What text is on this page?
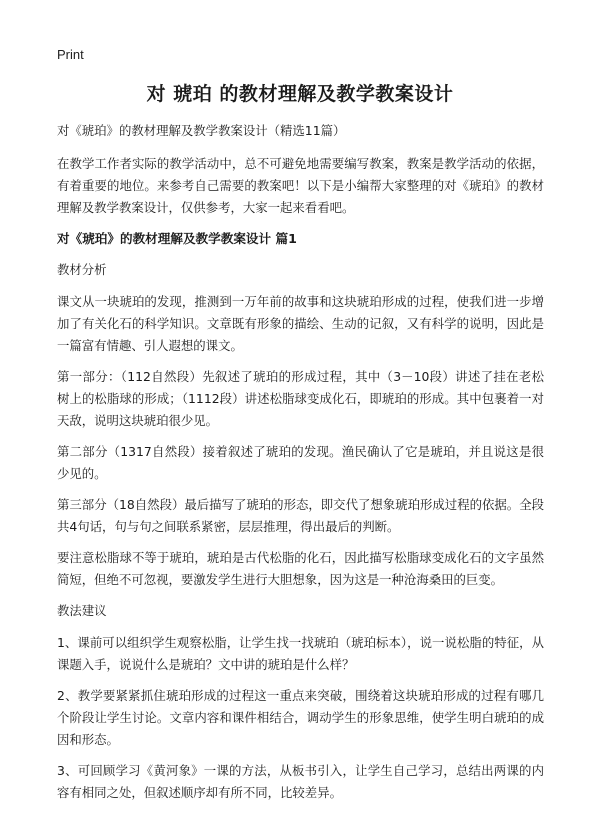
Print
对 琥珀 的教材理解及教学教案设计

对《琥珀》的教材理解及教学教案设计（精选11篇）

在教学工作者实际的教学活动中，总不可避免地需要编写教案，教案是教学活动的依据，有着重要的地位。来参考自己需要的教案吧！以下是小编帮大家整理的对《琥珀》的教材理解及教学教案设计，仅供参考，大家一起来看看吧。

对《琥珀》的教材理解及教学教案设计 篇1

教材分析

课文从一块琥珀的发现，推测到一万年前的故事和这块琥珀形成的过程，使我们进一步增加了有关化石的科学知识。文章既有形象的描绘、生动的记叙，又有科学的说明，因此是一篇富有情趣、引人遐想的课文。

第一部分：（112自然段）先叙述了琥珀的形成过程，其中（3－10段）讲述了挂在老松树上的松脂球的形成；（1112段）讲述松脂球变成化石，即琥珀的形成。其中包裹着一对天敌，说明这块琥珀很少见。

第二部分（1317自然段）接着叙述了琥珀的发现。渔民确认了它是琥珀，并且说这是很少见的。

第三部分（18自然段）最后描写了琥珀的形态，即交代了想象琥珀形成过程的依据。全段共4句话，句与句之间联系紧密，层层推理，得出最后的判断。

要注意松脂球不等于琥珀，琥珀是古代松脂的化石，因此描写松脂球变成化石的文字虽然简短，但绝不可忽视，要激发学生进行大胆想象，因为这是一种沧海桑田的巨变。

教法建议

1、课前可以组织学生观察松脂，让学生找一找琥珀（琥珀标本），说一说松脂的特征，从课题入手，说说什么是琥珀？文中讲的琥珀是什么样？

2、教学要紧紧抓住琥珀形成的过程这一重点来突破，围绕着这块琥珀形成的过程有哪几个阶段让学生讨论。文章内容和课件相结合，调动学生的形象思维，使学生明白琥珀的成因和形态。

3、可回顾学习《黄河象》一课的方法，从板书引入，让学生自己学习，总结出两课的内容有相同之处，但叙述顺序却有所不同，比较差异。
